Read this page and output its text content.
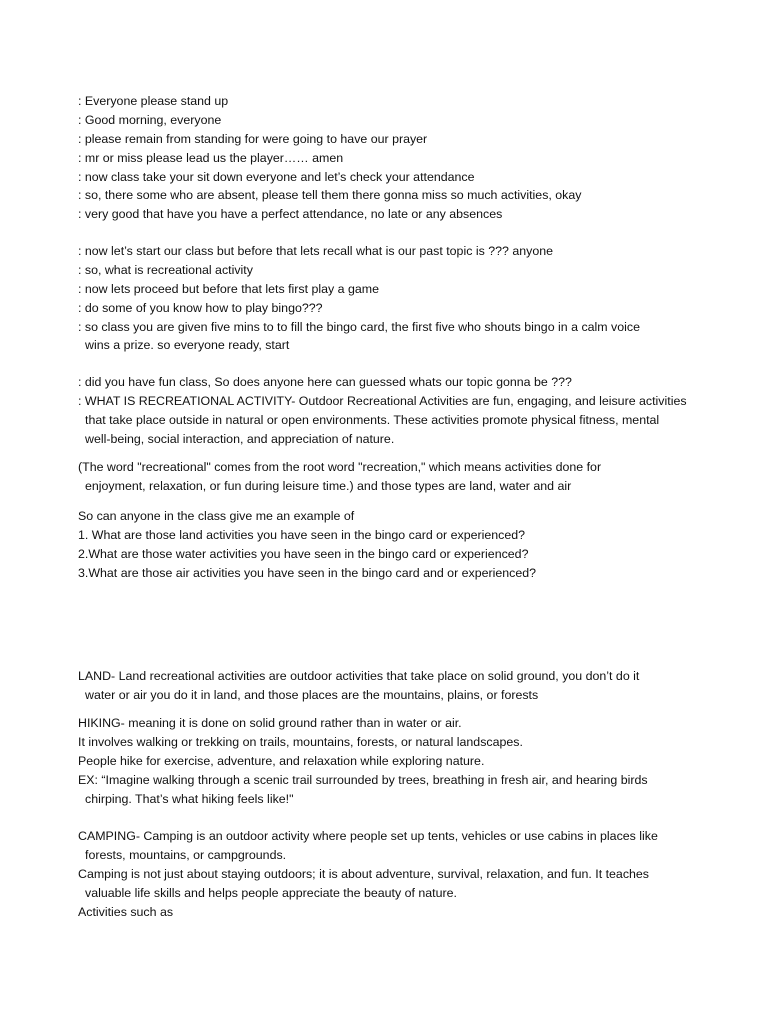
: Everyone please stand up
: Good morning, everyone
: please remain from standing for were going to have our prayer
: mr or miss please lead us the player…… amen
: now class take your sit down everyone and let’s check your attendance
: so, there some who are absent, please tell them there gonna miss so much activities, okay
: very good that have you have a perfect attendance, no late or any absences
: now let’s start our class but before that lets recall what is our past topic is ??? anyone
: so, what is recreational activity
: now lets proceed but before that lets first play a game
: do some of you know how to play bingo???
: so class you are given five mins to to fill the bingo card, the first five who shouts bingo in a calm voice
wins a prize. so everyone ready, start
: did you have fun class, So does anyone here can guessed whats our topic gonna be ???
: WHAT IS RECREATIONAL ACTIVITY- Outdoor Recreational Activities are fun, engaging, and leisure activities
that take place outside in natural or open environments. These activities promote physical fitness, mental
well-being, social interaction, and appreciation of nature.
(The word "recreational" comes from the root word "recreation," which means activities done for
enjoyment, relaxation, or fun during leisure time.) and those types are land, water and air
So can anyone in the class give me an example of
1. What are those land activities you have seen in the bingo card or experienced?
2.What are those water activities you have seen in the bingo card or experienced?
3.What are those air activities you have seen in the bingo card and or experienced?
LAND- Land recreational activities are outdoor activities that take place on solid ground, you don’t do it
water or air you do it in land, and those places are the mountains, plains, or forests
HIKING- meaning it is done on solid ground rather than in water or air.
It involves walking or trekking on trails, mountains, forests, or natural landscapes.
People hike for exercise, adventure, and relaxation while exploring nature.
EX: “Imagine walking through a scenic trail surrounded by trees, breathing in fresh air, and hearing birds
chirping. That’s what hiking feels like!"
CAMPING- Camping is an outdoor activity where people set up tents, vehicles or use cabins in places like
forests, mountains, or campgrounds.
Camping is not just about staying outdoors; it is about adventure, survival, relaxation, and fun. It teaches
valuable life skills and helps people appreciate the beauty of nature.
Activities such as
